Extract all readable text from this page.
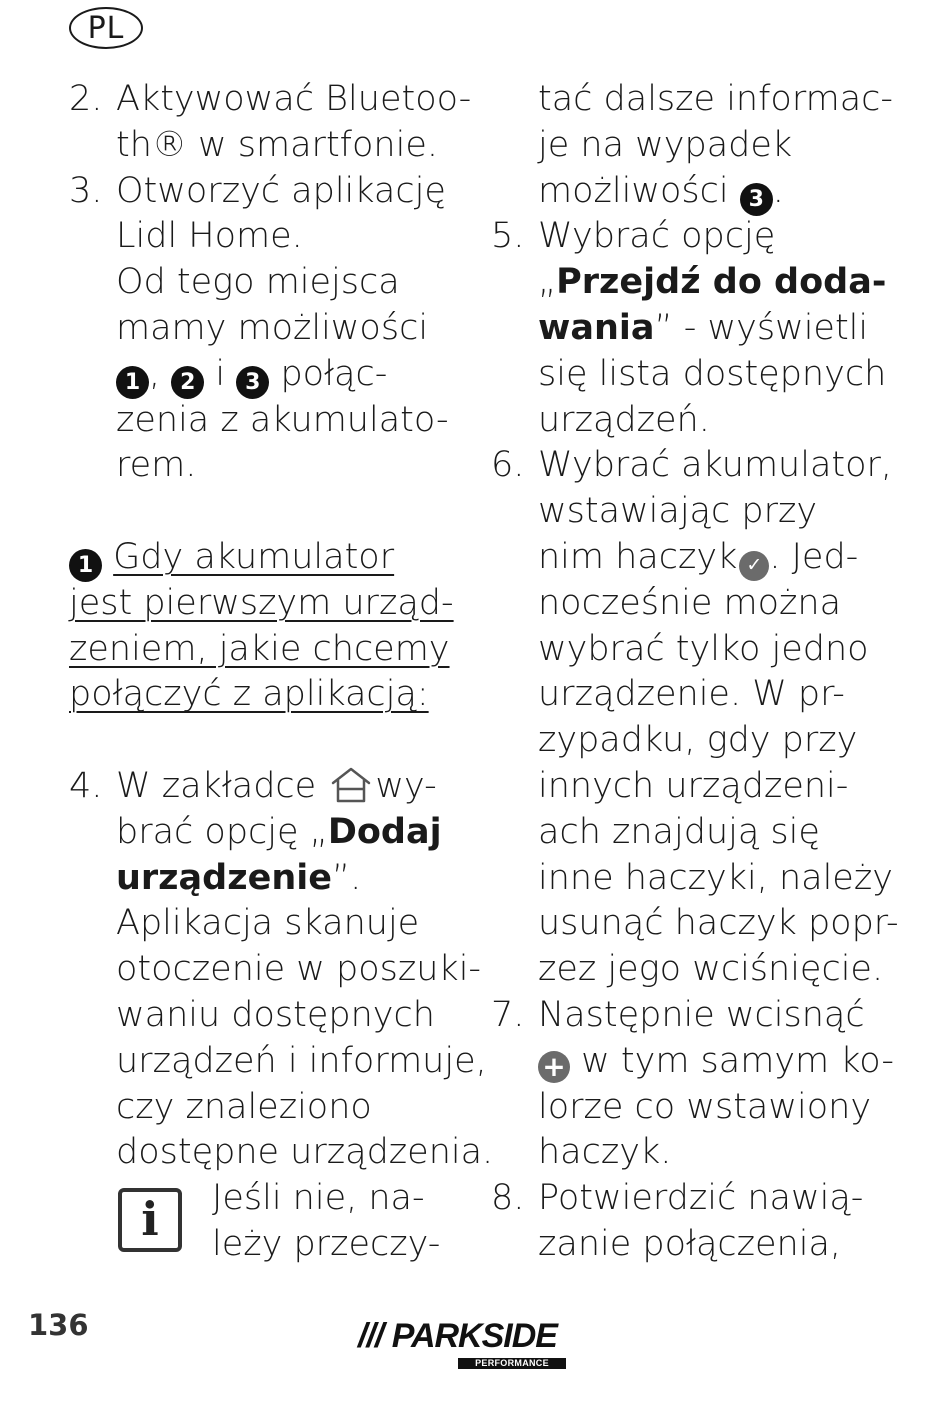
PL
2. Aktywować Bluetoo-
th® w smartfonie.
3. Otworzyć aplikację
Lidl Home.
Od tego miejsca
mamy możliwości
1 , 2 i 3 połąc-
zenia z akumulato-
rem.
1 Gdy akumulator
jest pierwszym urząd-
zeniem, jakie chcemy
połączyć z aplikacją:
4. W zakładce wy-
brać opcję „Dodaj
urządzenie”.
Aplikacja skanuje
otoczenie w poszuki-
waniu dostępnych
urządzeń i informuje,
czy znaleziono
dostępne urządzenia.
i	Jeśli nie, na-
leży przeczy-
tać dalsze informac-
je na wypadek
możliwości 3 .
5. Wybrać opcję
„Przejdź do doda-
wania” - wyświetli
się lista dostępnych
urządzeń.
6. Wybrać akumulator,
wstawiając przy
nim haczyk ✓ . Jed-
nocześnie można
wybrać tylko jedno
urządzenie. W pr-
zypadku, gdy przy
innych urządzeni-
ach znajdują się
inne haczyki, należy
usunąć haczyk popr-
zez jego wciśnięcie.
7. Następnie wcisnąć
+ w tym samym ko-
lorze co wstawiony
haczyk.
8. Potwierdzić nawią-
zanie połączenia,
136	/// PARKSIDE
PERFORMANCE
